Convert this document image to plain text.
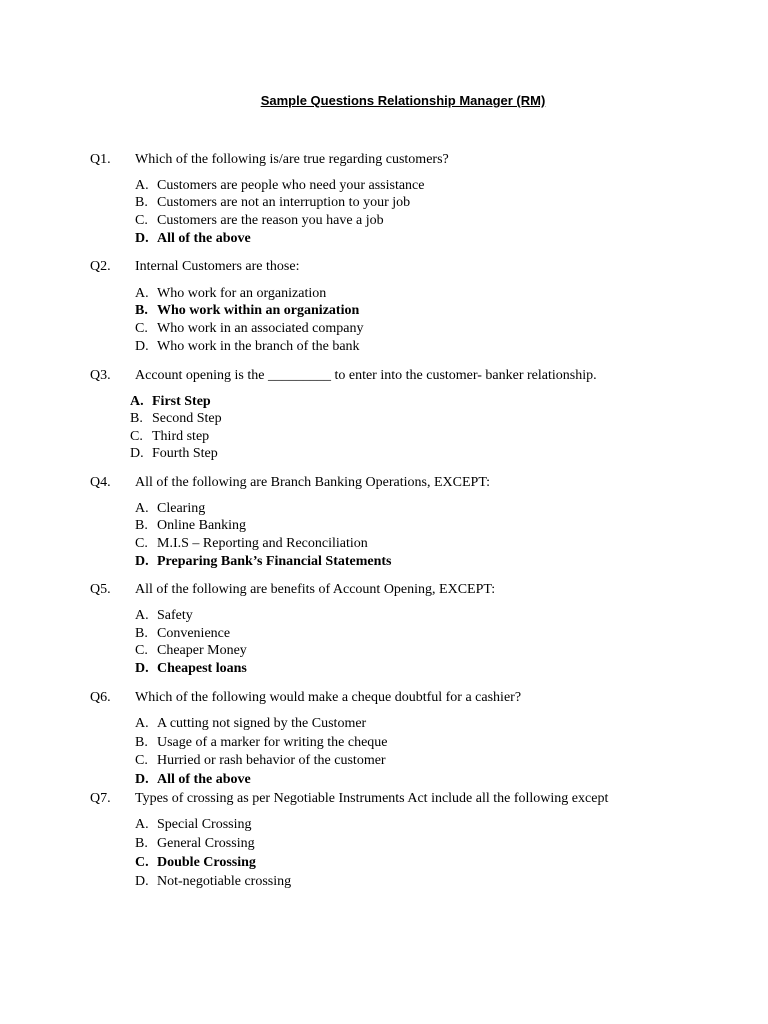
Sample Questions Relationship Manager (RM)
Q1. Which of the following is/are true regarding customers?
A. Customers are people who need your assistance
B. Customers are not an interruption to your job
C. Customers are the reason you have a job
D. All of the above
Q2. Internal Customers are those:
A. Who work for an organization
B. Who work within an organization
C. Who work in an associated company
D. Who work in the branch of the bank
Q3. Account opening is the _________ to enter into the customer- banker relationship.
A. First Step
B. Second Step
C. Third step
D. Fourth Step
Q4. All of the following are Branch Banking Operations, EXCEPT:
A. Clearing
B. Online Banking
C. M.I.S – Reporting and Reconciliation
D. Preparing Bank’s Financial Statements
Q5. All of the following are benefits of Account Opening, EXCEPT:
A. Safety
B. Convenience
C. Cheaper Money
D. Cheapest loans
Q6. Which of the following would make a cheque doubtful for a cashier?
A. A cutting not signed by the Customer
B. Usage of a marker for writing the cheque
C. Hurried or rash behavior of the customer
D. All of the above
Q7. Types of crossing as per Negotiable Instruments Act include all the following except
A. Special Crossing
B. General Crossing
C. Double Crossing
D. Not-negotiable crossing
